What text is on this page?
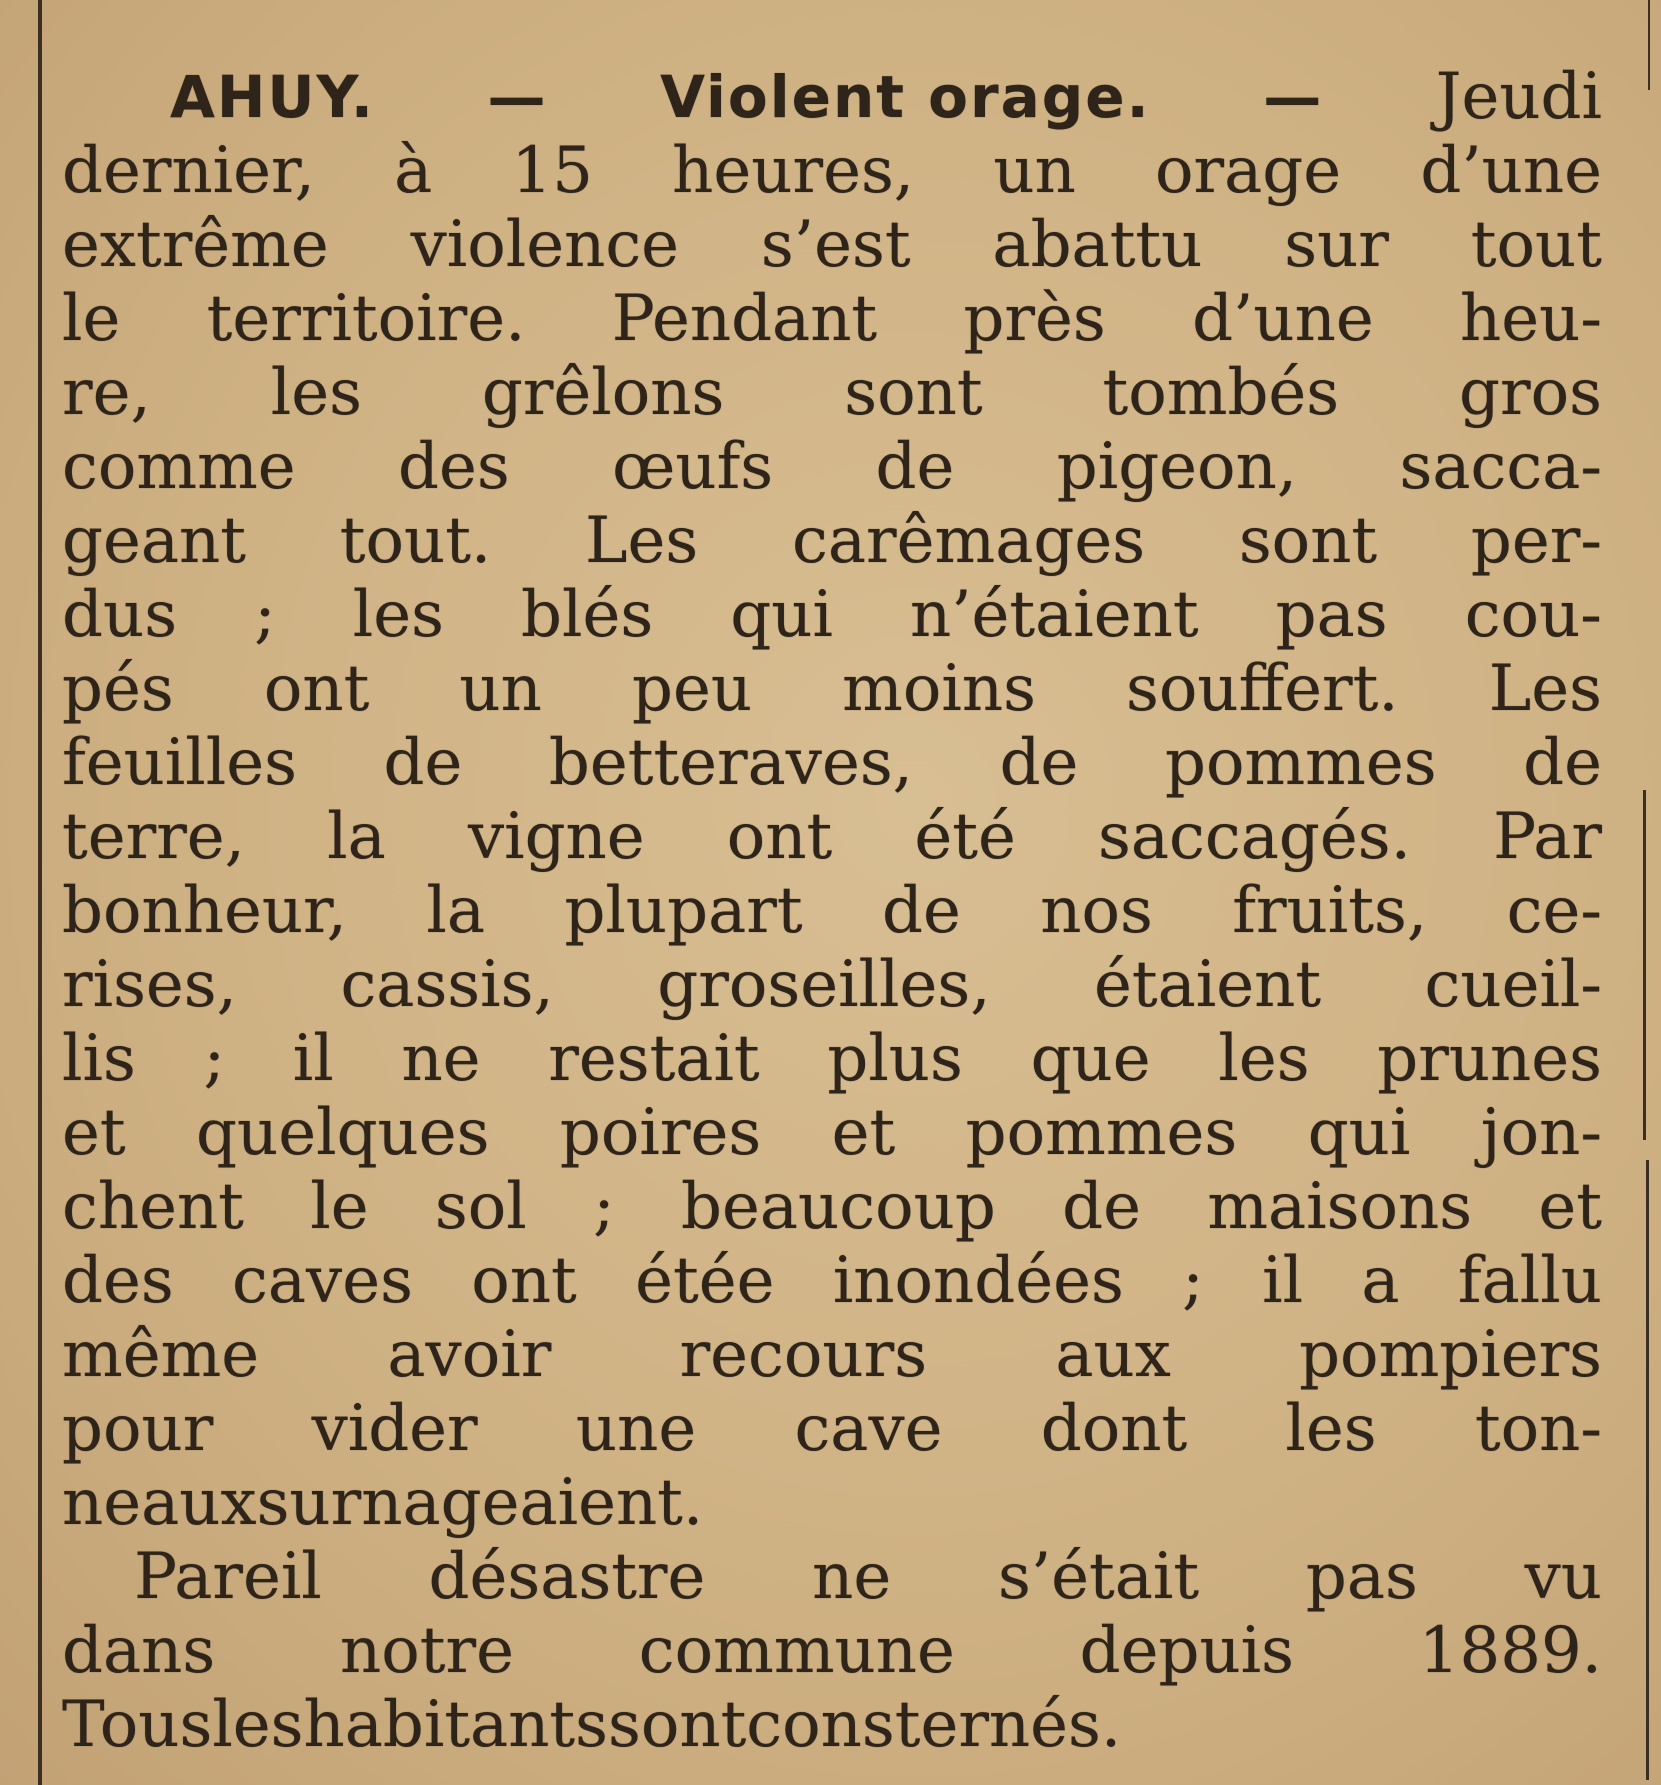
AHUY. — Violent orage. — Jeudi
dernier, à 15 heures, un orage d’une
extrême violence s’est abattu sur tout
le territoire. Pendant près d’une heu-
re, les grêlons sont tombés gros
comme des œufs de pigeon, sacca-
geant tout. Les carêmages sont per-
dus ; les blés qui n’étaient pas cou-
pés ont un peu moins souffert. Les
feuilles de betteraves, de pommes de
terre, la vigne ont été saccagés. Par
bonheur, la plupart de nos fruits, ce-
rises, cassis, groseilles, étaient cueil-
lis ; il ne restait plus que les prunes
et quelques poires et pommes qui jon-
chent le sol ; beaucoup de maisons et
des caves ont étée inondées ; il a fallu
même avoir recours aux pompiers
pour vider une cave dont les ton-
neaux surnageaient.
Pareil désastre ne s’était pas vu
dans notre commune depuis 1889.
Tous les habitants sont consternés.
